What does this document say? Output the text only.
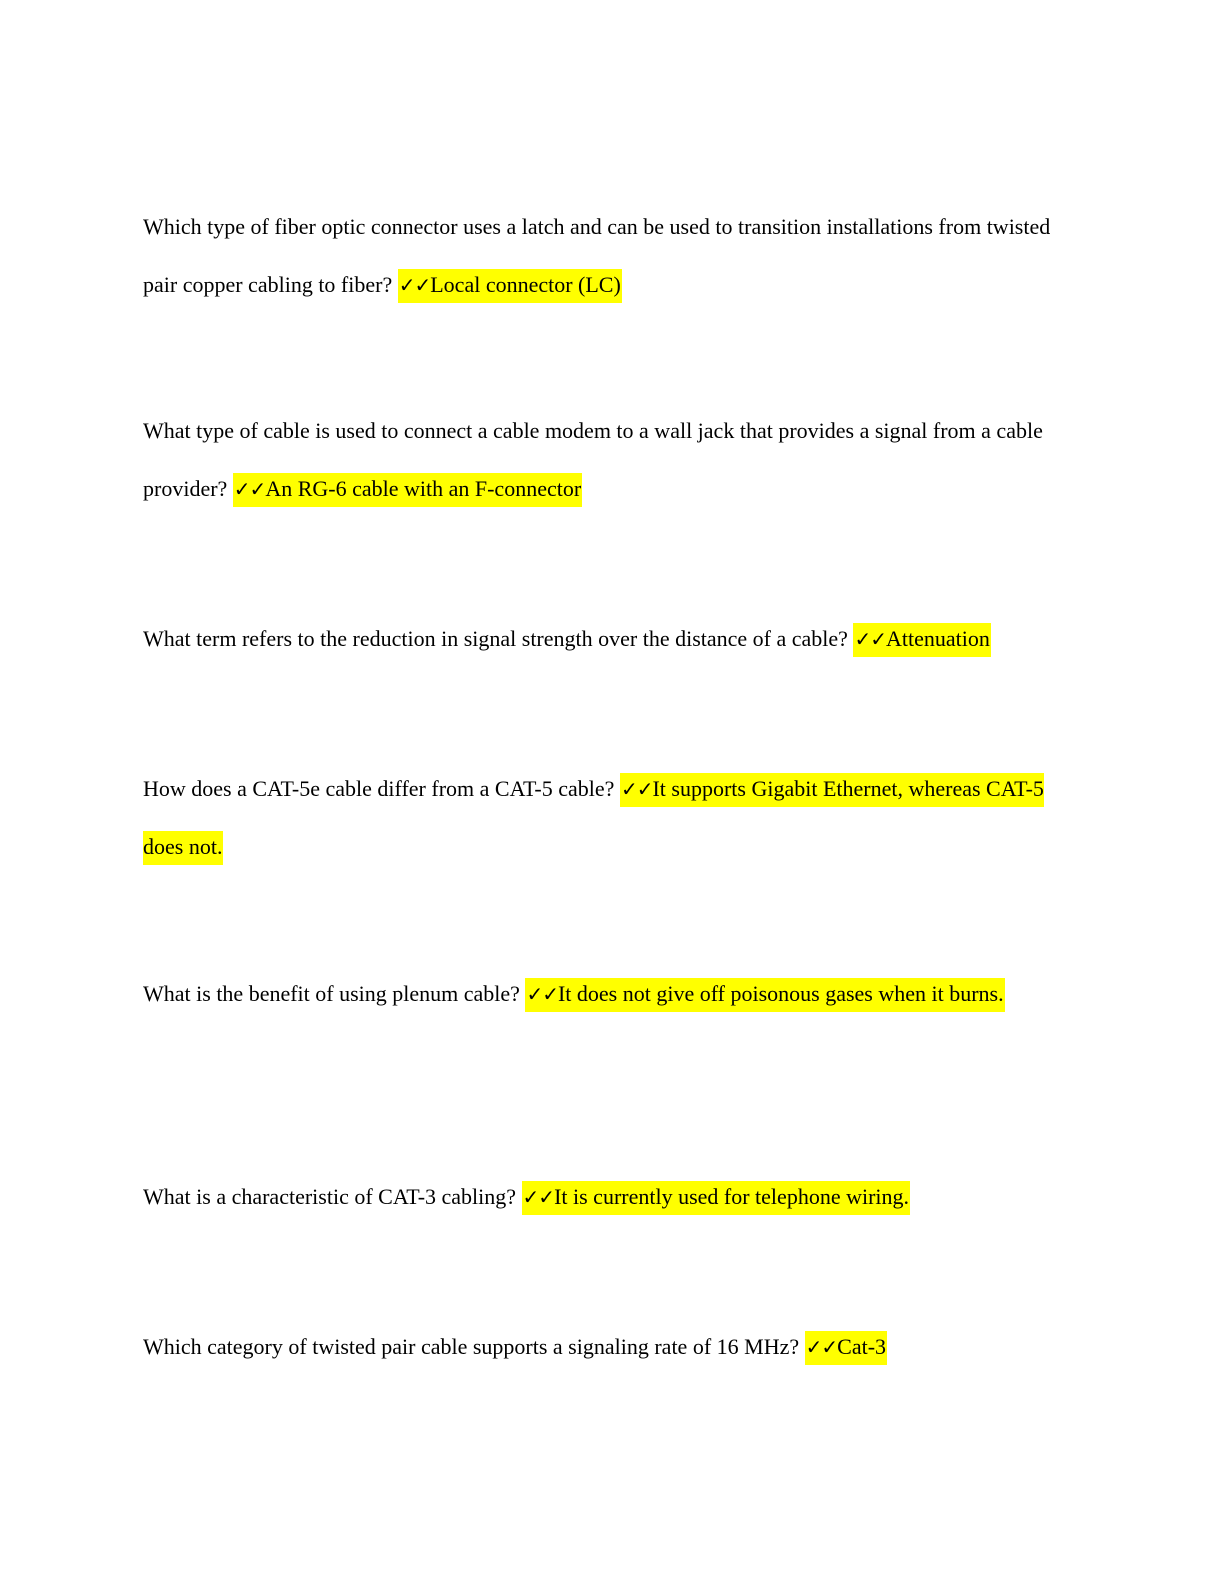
Which type of fiber optic connector uses a latch and can be used to transition installations from twisted pair copper cabling to fiber? ✓✓Local connector (LC)

What type of cable is used to connect a cable modem to a wall jack that provides a signal from a cable provider? ✓✓An RG-6 cable with an F-connector

What term refers to the reduction in signal strength over the distance of a cable? ✓✓Attenuation

How does a CAT-5e cable differ from a CAT-5 cable? ✓✓It supports Gigabit Ethernet, whereas CAT-5 does not.

What is the benefit of using plenum cable? ✓✓It does not give off poisonous gases when it burns.

What is a characteristic of CAT-3 cabling? ✓✓It is currently used for telephone wiring.

Which category of twisted pair cable supports a signaling rate of 16 MHz? ✓✓Cat-3
